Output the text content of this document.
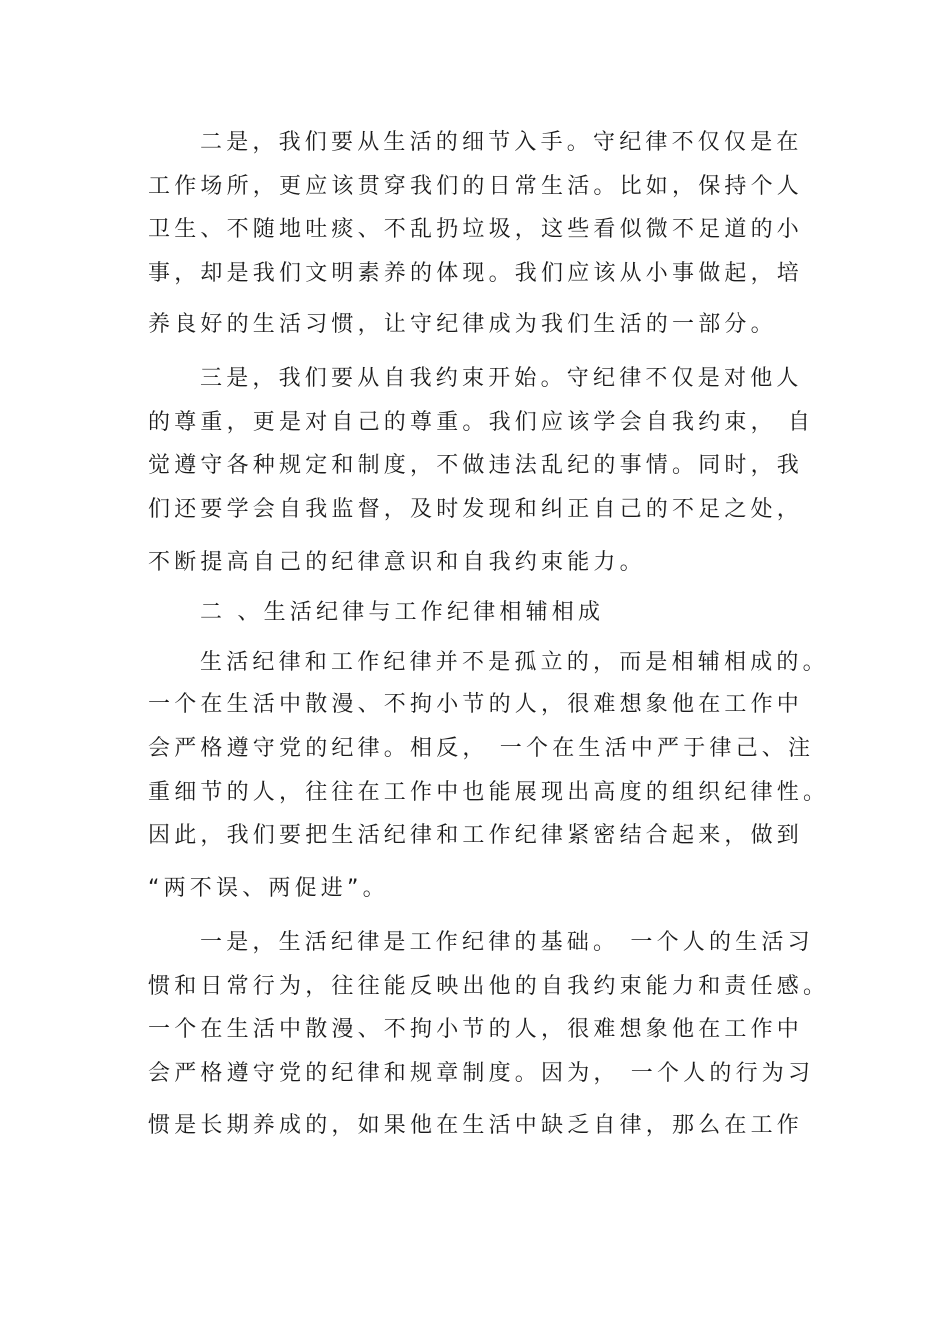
二是，我们要从生活的细节入手。守纪律不仅仅是在
工作场所，更应该贯穿我们的日常生活。比如，保持个人
卫生、不随地吐痰、不乱扔垃圾，这些看似微不足道的小
事，却是我们文明素养的体现。我们应该从小事做起，培
养良好的生活习惯，让守纪律成为我们生活的一部分。
三是，我们要从自我约束开始。守纪律不仅是对他人
的尊重，更是对自己的尊重。我们应该学会自我约束， 自
觉遵守各种规定和制度，不做违法乱纪的事情。同时，我
们还要学会自我监督，及时发现和纠正自己的不足之处，
不断提高自己的纪律意识和自我约束能力。
二 、生活纪律与工作纪律相辅相成
生活纪律和工作纪律并不是孤立的，而是相辅相成的。
一个在生活中散漫、不拘小节的人，很难想象他在工作中
会严格遵守党的纪律。相反， 一个在生活中严于律己、注
重细节的人，往往在工作中也能展现出高度的组织纪律性。
因此，我们要把生活纪律和工作纪律紧密结合起来，做到
“两不误、两促进”。
一是，生活纪律是工作纪律的基础。 一个人的生活习
惯和日常行为，往往能反映出他的自我约束能力和责任感。
一个在生活中散漫、不拘小节的人，很难想象他在工作中
会严格遵守党的纪律和规章制度。因为， 一个人的行为习
惯是长期养成的，如果他在生活中缺乏自律，那么在工作
